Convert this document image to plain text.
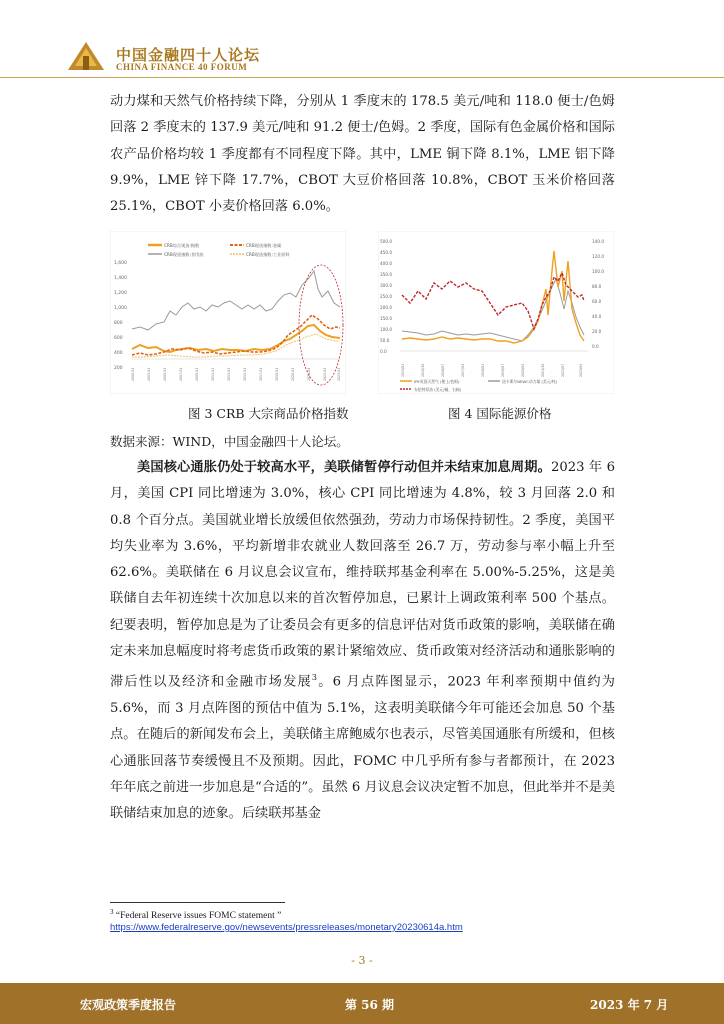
中国金融四十人论坛
CHINA FINANCE 40 FORUM

动力煤和天然气价格持续下降，分别从 1 季度末的 178.5 美元/吨和 118.0 便士/色姆回落 2 季度末的 137.9 美元/吨和 91.2 便士/色姆。2 季度，国际有色金属价格和国际农产品价格均较 1 季度都有不同程度下降。其中，LME 铜下降 8.1%，LME 铝下降 9.9%，LME 锌下降 17.7%，CBOT 大豆价格回落 10.8%，CBOT 玉米价格回落 25.1%，CBOT 小麦价格回落 6.0%。

CRB综合现货:指数	CRB现货指数:金属
CRB现货指数:食用油	CRB现货指数:工业原料
1,600
1,400
1,200
1,000
800
600
400
200	2000-01	2003-01	2005-01	2007-01	2009-01	2011-01	2013-01	2015-01	2017-01	2019-01	2020-01	2021-01	2022-01	2023-01
500.0
450.0
400.0
350.0
300.0
250.0
200.0
150.0
100.0
50.0
0.0
140.0
120.0
100.0
80.0
60.0
40.0
20.0
0.0
2015/01	2015/10	2016/07	2017/04	2018/01	2019/07	2020/04	2021/10	2022/07	2023/04
IPE英国天然气 (便士/色姆)	纽卡斯尔NEWC动力煤 (美元/吨)
布伦特原油 (美元/桶，右轴)
图 3 CRB 大宗商品价格指数	图 4 国际能源价格
数据来源：WIND，中国金融四十人论坛。

美国核心通胀仍处于较高水平，美联储暂停行动但并未结束加息周期。2023 年 6 月，美国 CPI 同比增速为 3.0%，核心 CPI 同比增速为 4.8%，较 3 月回落 2.0 和 0.8 个百分点。美国就业增长放缓但依然强劲，劳动力市场保持韧性。2 季度，美国平均失业率为 3.6%，平均新增非农就业人数回落至 26.7 万，劳动参与率小幅上升至 62.6%。美联储在 6 月议息会议宣布，维持联邦基金利率在 5.00%-5.25%，这是美联储自去年初连续十次加息以来的首次暂停加息，已累计上调政策利率 500 个基点。纪要表明，暂停加息是为了让委员会有更多的信息评估对货币政策的影响，美联储在确定未来加息幅度时将考虑货币政策的累计紧缩效应、货币政策对经济活动和通胀影响的滞后性以及经济和金融市场发展$^3$。6 月点阵图显示，2023 年利率预期中值约为 5.6%，而 3 月点阵图的预估中值为 5.1%，这表明美联储今年可能还会加息 50 个基点。在随后的新闻发布会上，美联储主席鲍威尔也表示，尽管美国通胀有所缓和，但核心通胀回落节奏缓慢且不及预期。因此，FOMC 中几乎所有参与者都预计，在 2023 年年底之前进一步加息是“合适的”。虽然 6 月议息会议决定暂不加息，但此举并不是美联储结束加息的迹象。后续联邦基金

$^3$ “Federal Reserve issues FOMC statement ”
https://www.federalreserve.gov/newsevents/pressreleases/monetary20230614a.htm
- 3 -
宏观政策季度报告	第 56 期	2023 年 7 月
